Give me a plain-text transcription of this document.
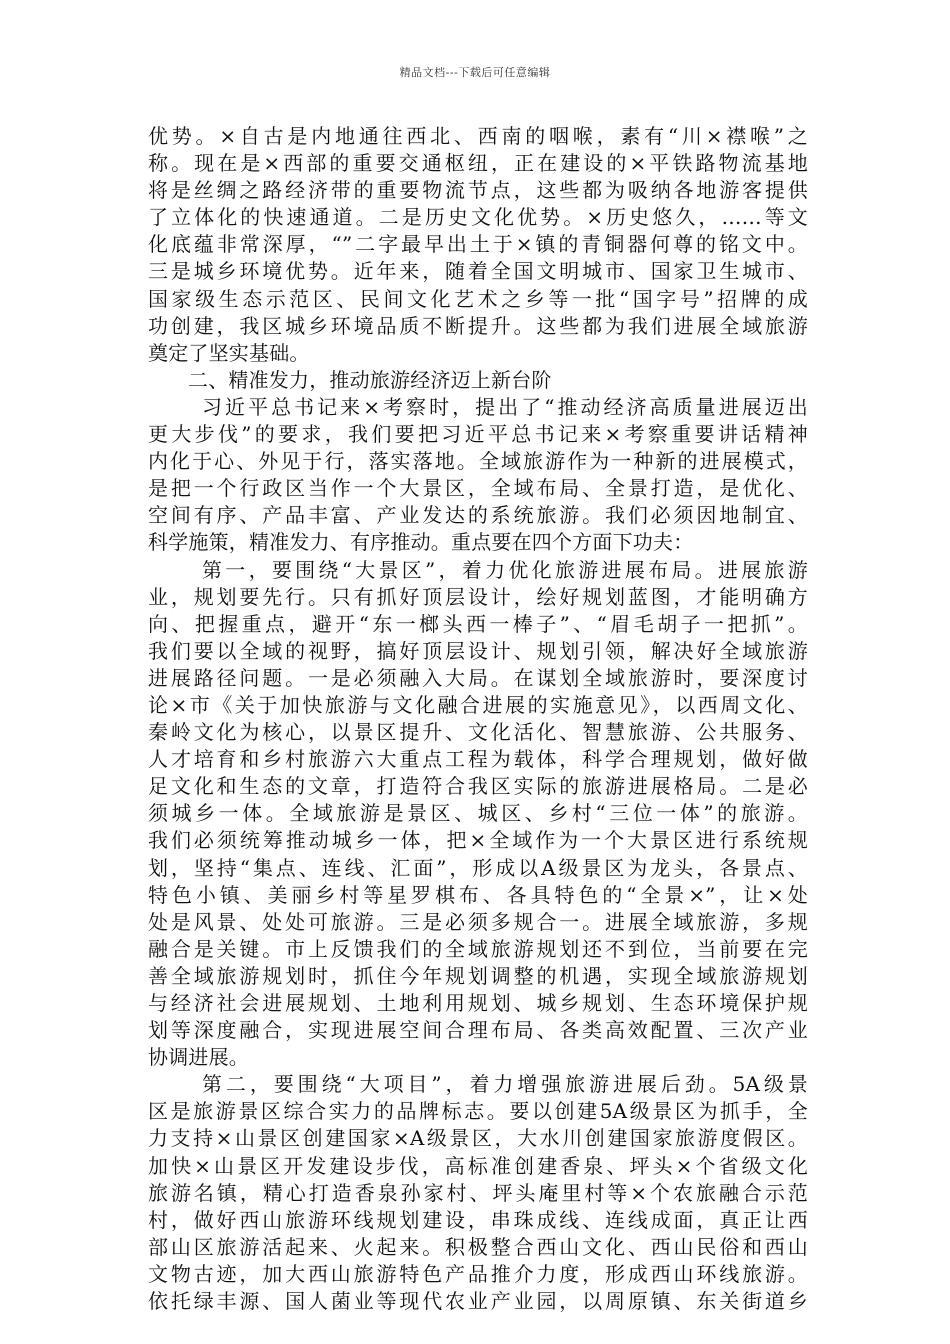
精品文档---下载后可任意编辑
优势。×自古是内地通往西北、西南的咽喉，素有“川×襟喉”之
称。现在是×西部的重要交通枢纽，正在建设的×平铁路物流基地
将是丝绸之路经济带的重要物流节点，这些都为吸纳各地游客提供
了立体化的快速通道。二是历史文化优势。×历史悠久，……等文
化底蕴非常深厚，“”二字最早出土于×镇的青铜器何尊的铭文中。
三是城乡环境优势。近年来，随着全国文明城市、国家卫生城市、
国家级生态示范区、民间文化艺术之乡等一批“国字号”招牌的成
功创建，我区城乡环境品质不断提升。这些都为我们进展全域旅游
奠定了坚实基础。
二、精准发力，推动旅游经济迈上新台阶
习近平总书记来×考察时，提出了“推动经济高质量进展迈出
更大步伐”的要求，我们要把习近平总书记来×考察重要讲话精神
内化于心、外见于行，落实落地。全域旅游作为一种新的进展模式，
是把一个行政区当作一个大景区，全域布局、全景打造，是优化、
空间有序、产品丰富、产业发达的系统旅游。我们必须因地制宜、
科学施策，精准发力、有序推动。重点要在四个方面下功夫：
第一，要围绕“大景区”，着力优化旅游进展布局。进展旅游
业，规划要先行。只有抓好顶层设计，绘好规划蓝图，才能明确方
向、把握重点，避开“东一榔头西一棒子”、“眉毛胡子一把抓”。
我们要以全域的视野，搞好顶层设计、规划引领，解决好全域旅游
进展路径问题。一是必须融入大局。在谋划全域旅游时，要深度讨
论×市《关于加快旅游与文化融合进展的实施意见》，以西周文化、
秦岭文化为核心，以景区提升、文化活化、智慧旅游、公共服务、
人才培育和乡村旅游六大重点工程为载体，科学合理规划，做好做
足文化和生态的文章，打造符合我区实际的旅游进展格局。二是必
须城乡一体。全域旅游是景区、城区、乡村“三位一体”的旅游。
我们必须统筹推动城乡一体，把×全域作为一个大景区进行系统规
划，坚持“集点、连线、汇面”，形成以A级景区为龙头，各景点、
特色小镇、美丽乡村等星罗棋布、各具特色的“全景×”，让×处
处是风景、处处可旅游。三是必须多规合一。进展全域旅游，多规
融合是关键。市上反馈我们的全域旅游规划还不到位，当前要在完
善全域旅游规划时，抓住今年规划调整的机遇，实现全域旅游规划
与经济社会进展规划、土地利用规划、城乡规划、生态环境保护规
划等深度融合，实现进展空间合理布局、各类高效配置、三次产业
协调进展。
第二，要围绕“大项目”，着力增强旅游进展后劲。5A级景
区是旅游景区综合实力的品牌标志。要以创建5A级景区为抓手，全
力支持×山景区创建国家×A级景区，大水川创建国家旅游度假区。
加快×山景区开发建设步伐，高标准创建香泉、坪头×个省级文化
旅游名镇，精心打造香泉孙家村、坪头庵里村等×个农旅融合示范
村，做好西山旅游环线规划建设，串珠成线、连线成面，真正让西
部山区旅游活起来、火起来。积极整合西山文化、西山民俗和西山
文物古迹，加大西山旅游特色产品推介力度，形成西山环线旅游。
依托绿丰源、国人菌业等现代农业产业园，以周原镇、东关街道乡
